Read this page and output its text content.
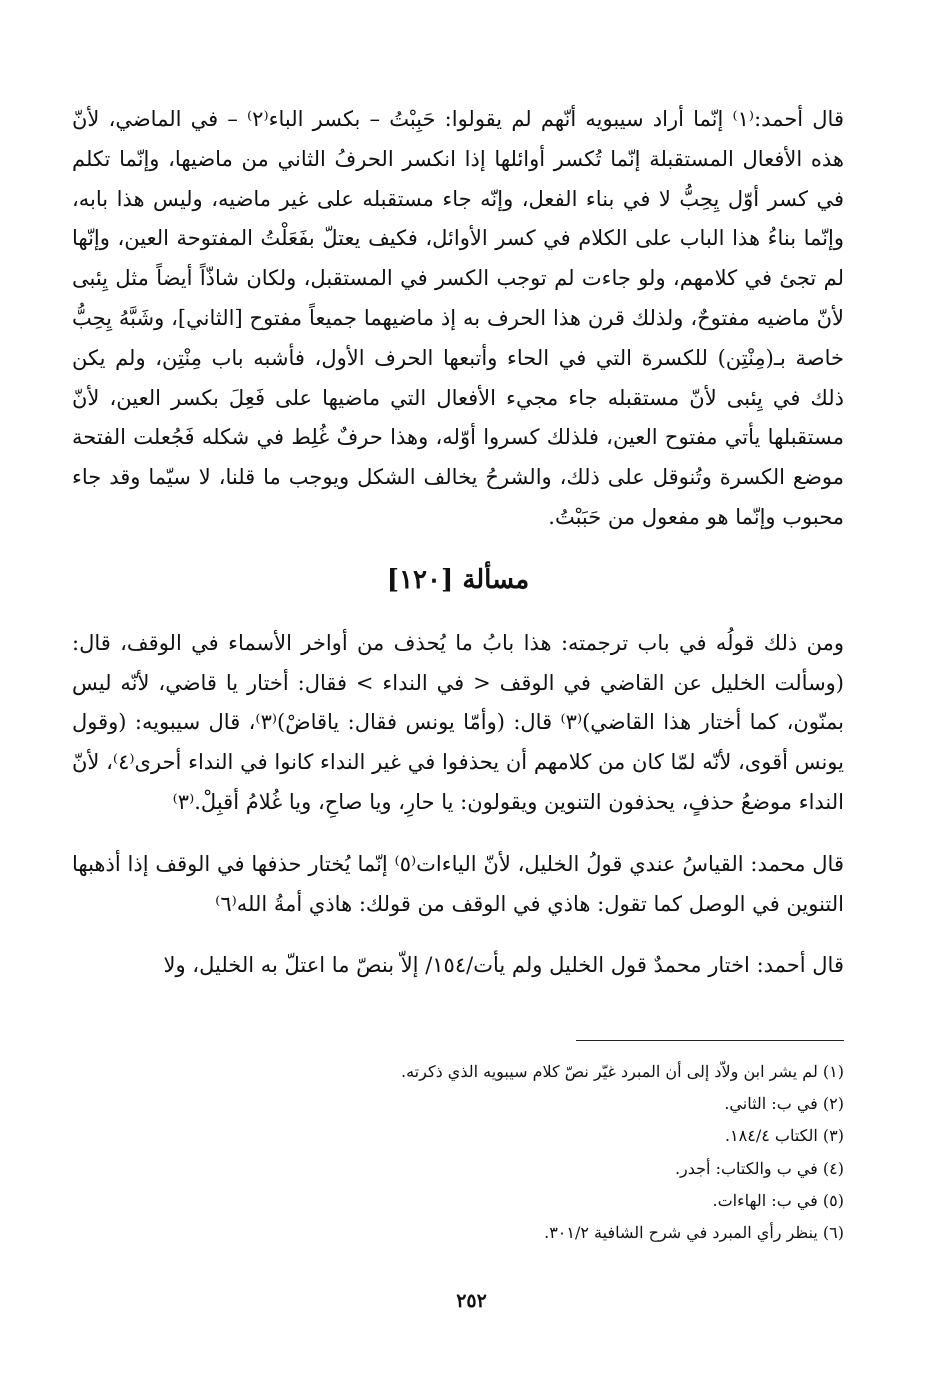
قال أحمد:⁽١⁾ إنّما أراد سيبويه أنّهم لم يقولوا: حَبِبْتُ – بكسر الباء⁽٢⁾ – في الماضي، لأنّ هذه الأفعال المستقبلة إنّما تُكسر أوائلها إذا انكسر الحرفُ الثاني من ماضيها، وإنّما تكلم في كسر أوّل يِحِبُّ لا في بناء الفعل، وإنّه جاء مستقبله على غير ماضيه، وليس هذا بابه، وإنّما بناءُ هذا الباب على الكلام في كسر الأوائل، فكيف يعتلّ بفَعَلْتُ المفتوحة العين، وإنّها لم تجئ في كلامهم، ولو جاءت لم توجب الكسر في المستقبل، ولكان شاذّاً أيضاً مثل يِئبى لأنّ ماضيه مفتوحٌ، ولذلك قرن هذا الحرف به إذ ماضيهما جميعاً مفتوح [الثاني]، وشَبَّهُ يِحِبُّ خاصة بـ(مِنْتِن) للكسرة التي في الحاء وأتبعها الحرف الأول، فأشبه باب مِنْتِن، ولم يكن ذلك في يِئبى لأنّ مستقبله جاء مجيء الأفعال التي ماضيها على فَعِلَ بكسر العين، لأنّ مستقبلها يأتي مفتوح العين، فلذلك كسروا أوّله، وهذا حرفٌ غُلِط في شكله فَجُعلت الفتحة موضع الكسرة وتُنوقل على ذلك، والشرحُ يخالف الشكل ويوجب ما قلنا، لا سيّما وقد جاء محبوب وإنّما هو مفعول من حَبَبْتُ.

مسألة [١٢٠]

ومن ذلك قولُه في باب ترجمته: هذا بابُ ما يُحذف من أواخر الأسماء في الوقف، قال: (وسألت الخليل عن القاضي في الوقف < في النداء > فقال: أختار يا قاضي، لأنّه ليس بمنّون، كما أختار هذا القاضي)⁽٣⁾ قال: (وأمّا يونس فقال: ياقاضْ)⁽٣⁾، قال سيبويه: (وقول يونس أقوى، لأنّه لمّا كان من كلامهم أن يحذفوا في غير النداء كانوا في النداء أحرى⁽٤⁾، لأنّ النداء موضعُ حذفٍ، يحذفون التنوين ويقولون: يا حارِ، ويا صاحِ، ويا غُلامُ أقبِلْ.⁽٣⁾

قال محمد: القياسُ عندي قولُ الخليل، لأنّ الياءات⁽٥⁾ إنّما يُختار حذفها في الوقف إذا أذهبها التنوين في الوصل كما تقول: هاذي في الوقف من قولك: هاذي أمةُ الله⁽٦⁾

قال أحمد: اختار محمدٌ قول الخليل ولم يأت/١٥٤/ إلاّ بنصّ ما اعتلّ به الخليل، ولا

(١) لم يشر ابن ولاّد إلى أن المبرد غيّر نصّ كلام سيبويه الذي ذكرته.
(٢) في ب: الثاني.
(٣) الكتاب ١٨٤/٤.
(٤) في ب والكتاب: أجدر.
(٥) في ب: الهاءات.
(٦) ينظر رأي المبرد في شرح الشافية ٣٠١/٢.
٢٥٢
